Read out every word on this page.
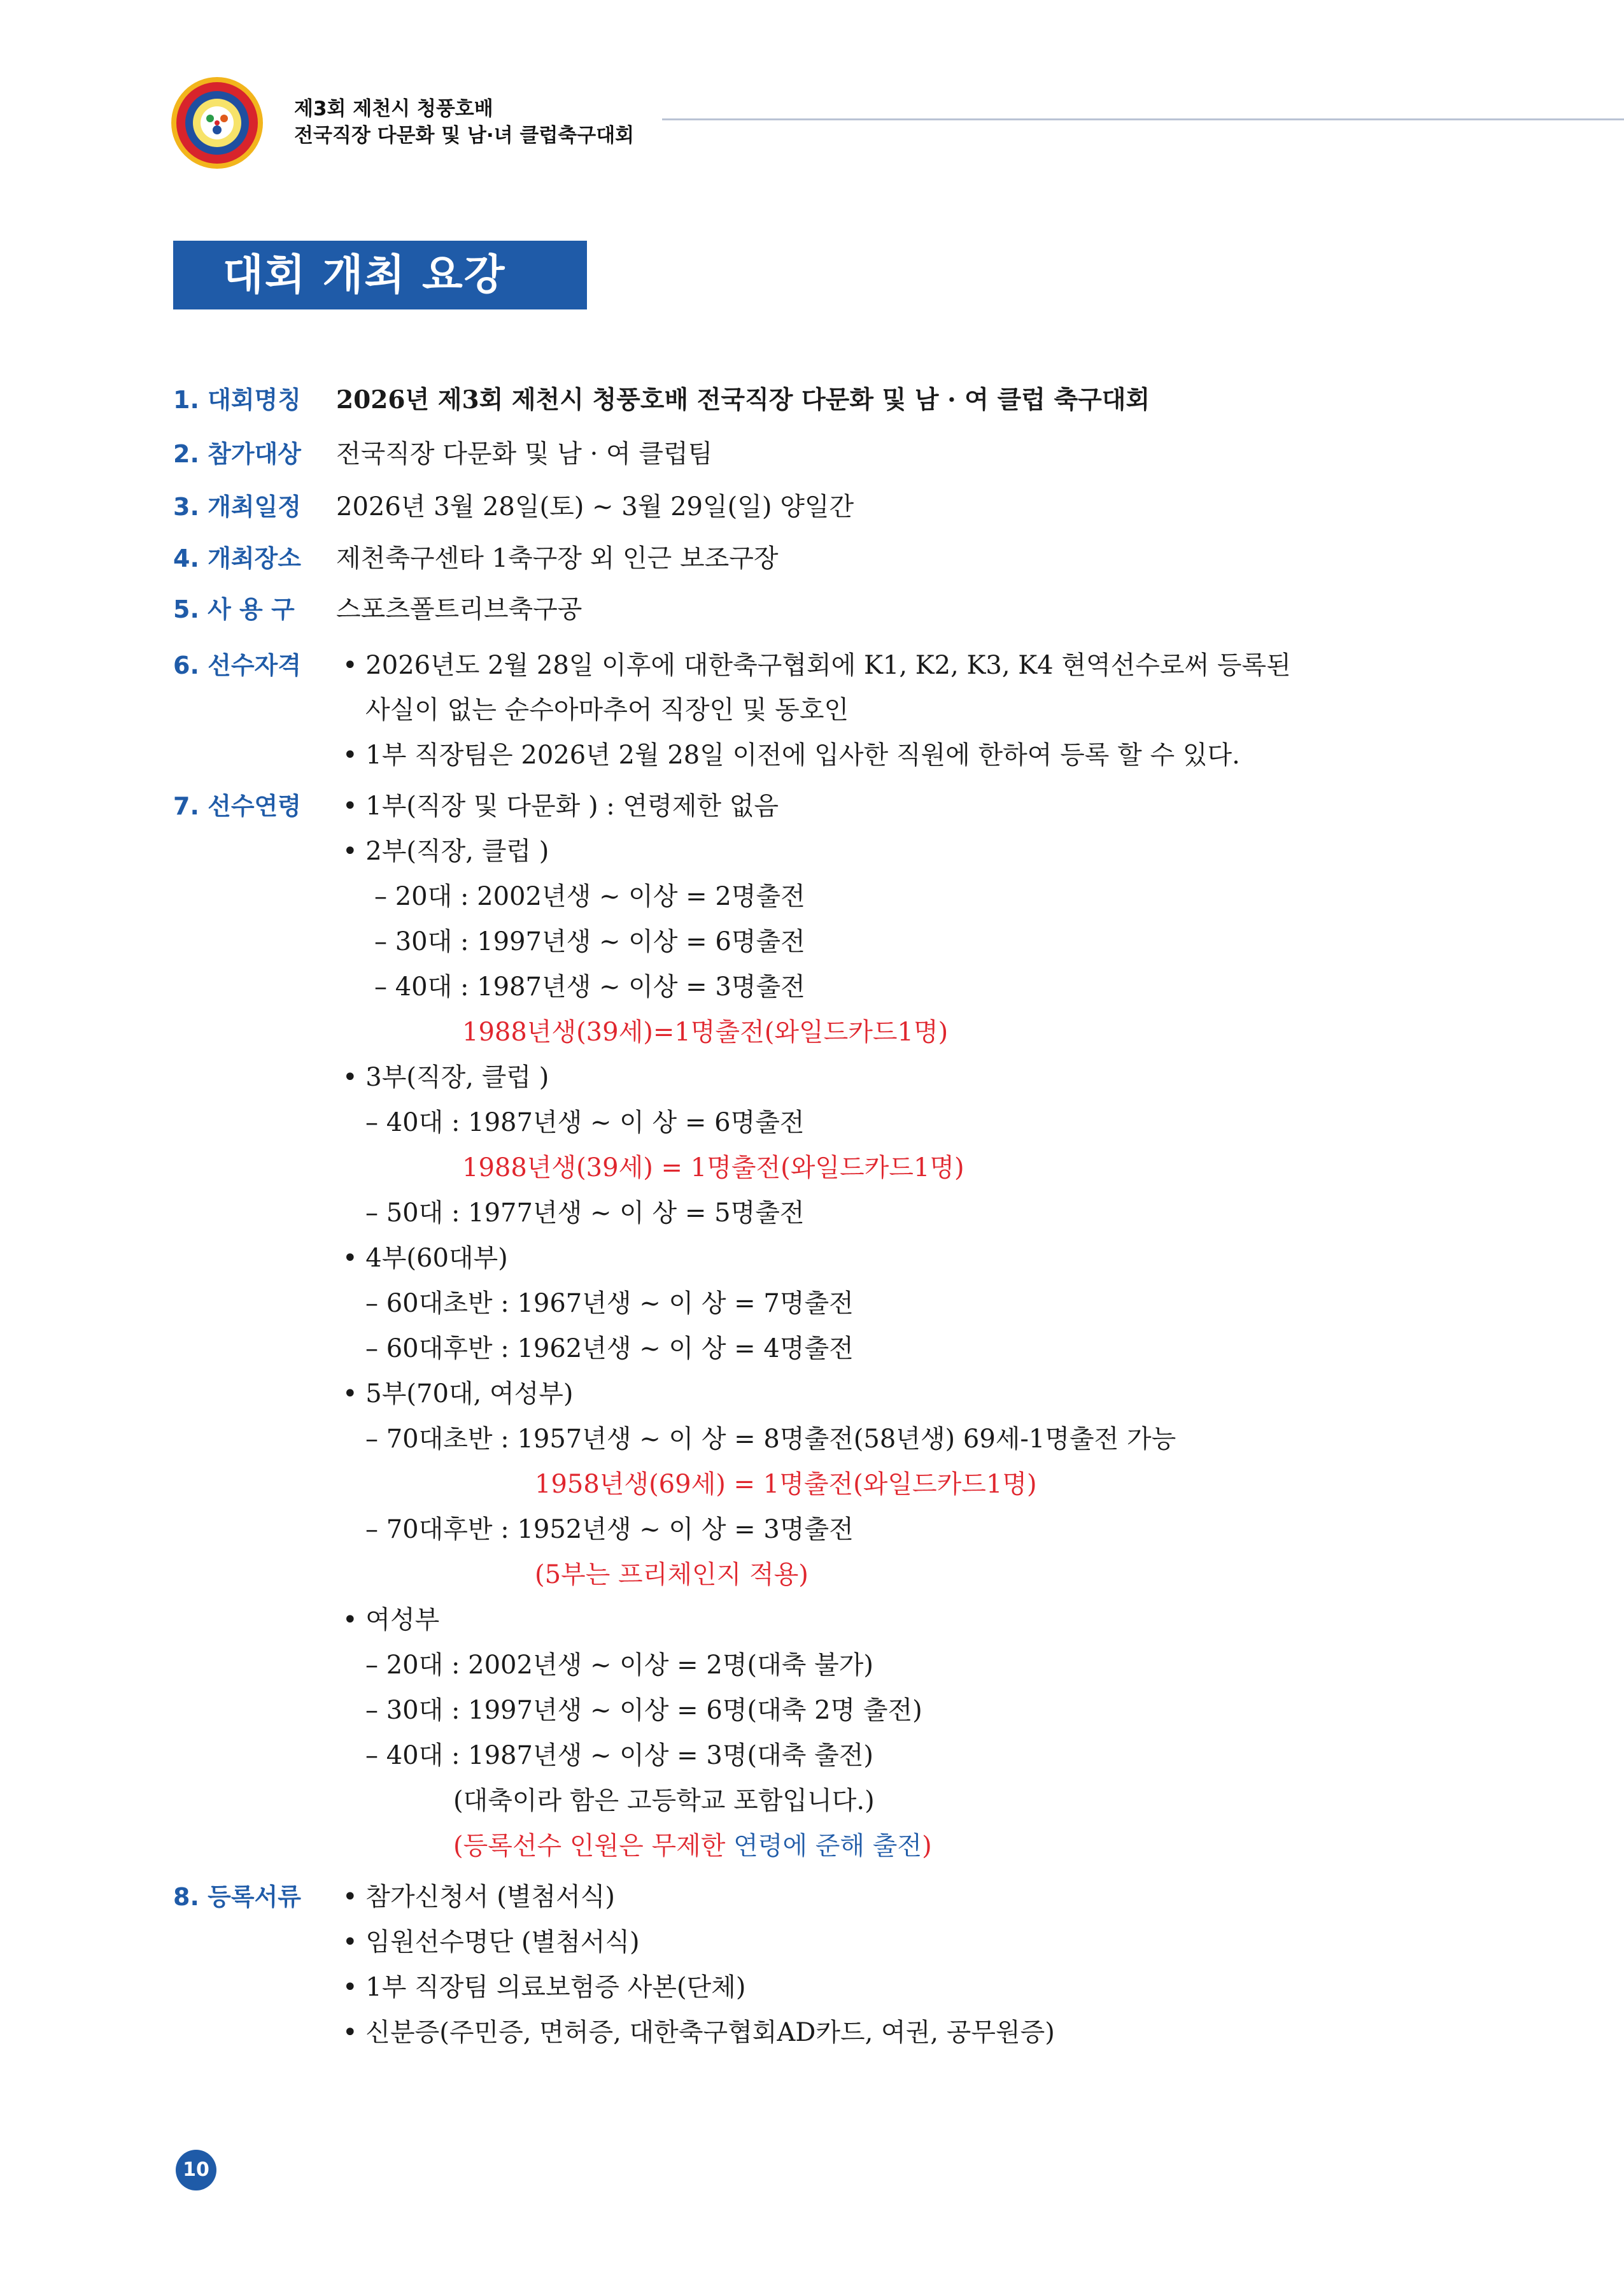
제3회 제천시 청풍호배
전국직장 다문화 및 남·녀 클럽축구대회
대회 개최 요강
1. 대회명칭	2026년 제3회 제천시 청풍호배 전국직장 다문화 및 남 · 여 클럽 축구대회
2. 참가대상	전국직장 다문화 및 남 · 여 클럽팀
3. 개최일정	2026년 3월 28일(토) ~ 3월 29일(일) 양일간
4. 개최장소	제천축구센타 1축구장 외 인근 보조구장
5. 사 용 구	스포츠폴트리브축구공
6. 선수자격	• 2026년도 2월 28일 이후에 대한축구협회에 K1, K2, K3, K4 현역선수로써 등록된
사실이 없는 순수아마추어 직장인 및 동호인
• 1부 직장팀은 2026년 2월 28일 이전에 입사한 직원에 한하여 등록 할 수 있다.
7. 선수연령	• 1부(직장 및 다문화 ) : 연령제한 없음
• 2부(직장, 클럽 )
– 20대 : 2002년생 ~ 이상 = 2명출전
– 30대 : 1997년생 ~ 이상 = 6명출전
– 40대 : 1987년생 ~ 이상 = 3명출전
1988년생(39세)=1명출전(와일드카드1명)
• 3부(직장, 클럽 )
– 40대 : 1987년생 ~ 이 상 = 6명출전
1988년생(39세) = 1명출전(와일드카드1명)
– 50대 : 1977년생 ~ 이 상 = 5명출전
• 4부(60대부)
– 60대초반 : 1967년생 ~ 이 상 = 7명출전
– 60대후반 : 1962년생 ~ 이 상 = 4명출전
• 5부(70대, 여성부)
– 70대초반 : 1957년생 ~ 이 상 = 8명출전(58년생) 69세-1명출전 가능
1958년생(69세) = 1명출전(와일드카드1명)
– 70대후반 : 1952년생 ~ 이 상 = 3명출전
(5부는 프리체인지 적용)
• 여성부
– 20대 : 2002년생 ~ 이상 = 2명(대축 불가)
– 30대 : 1997년생 ~ 이상 = 6명(대축 2명 출전)
– 40대 : 1987년생 ~ 이상 = 3명(대축 출전)
(대축이라 함은 고등학교 포함입니다.)
(등록선수 인원은 무제한 연령에 준해 출전)
8. 등록서류	• 참가신청서 (별첨서식)
• 임원선수명단 (별첨서식)
• 1부 직장팀 의료보험증 사본(단체)
• 신분증(주민증, 면허증, 대한축구협회AD카드, 여권, 공무원증)
10
